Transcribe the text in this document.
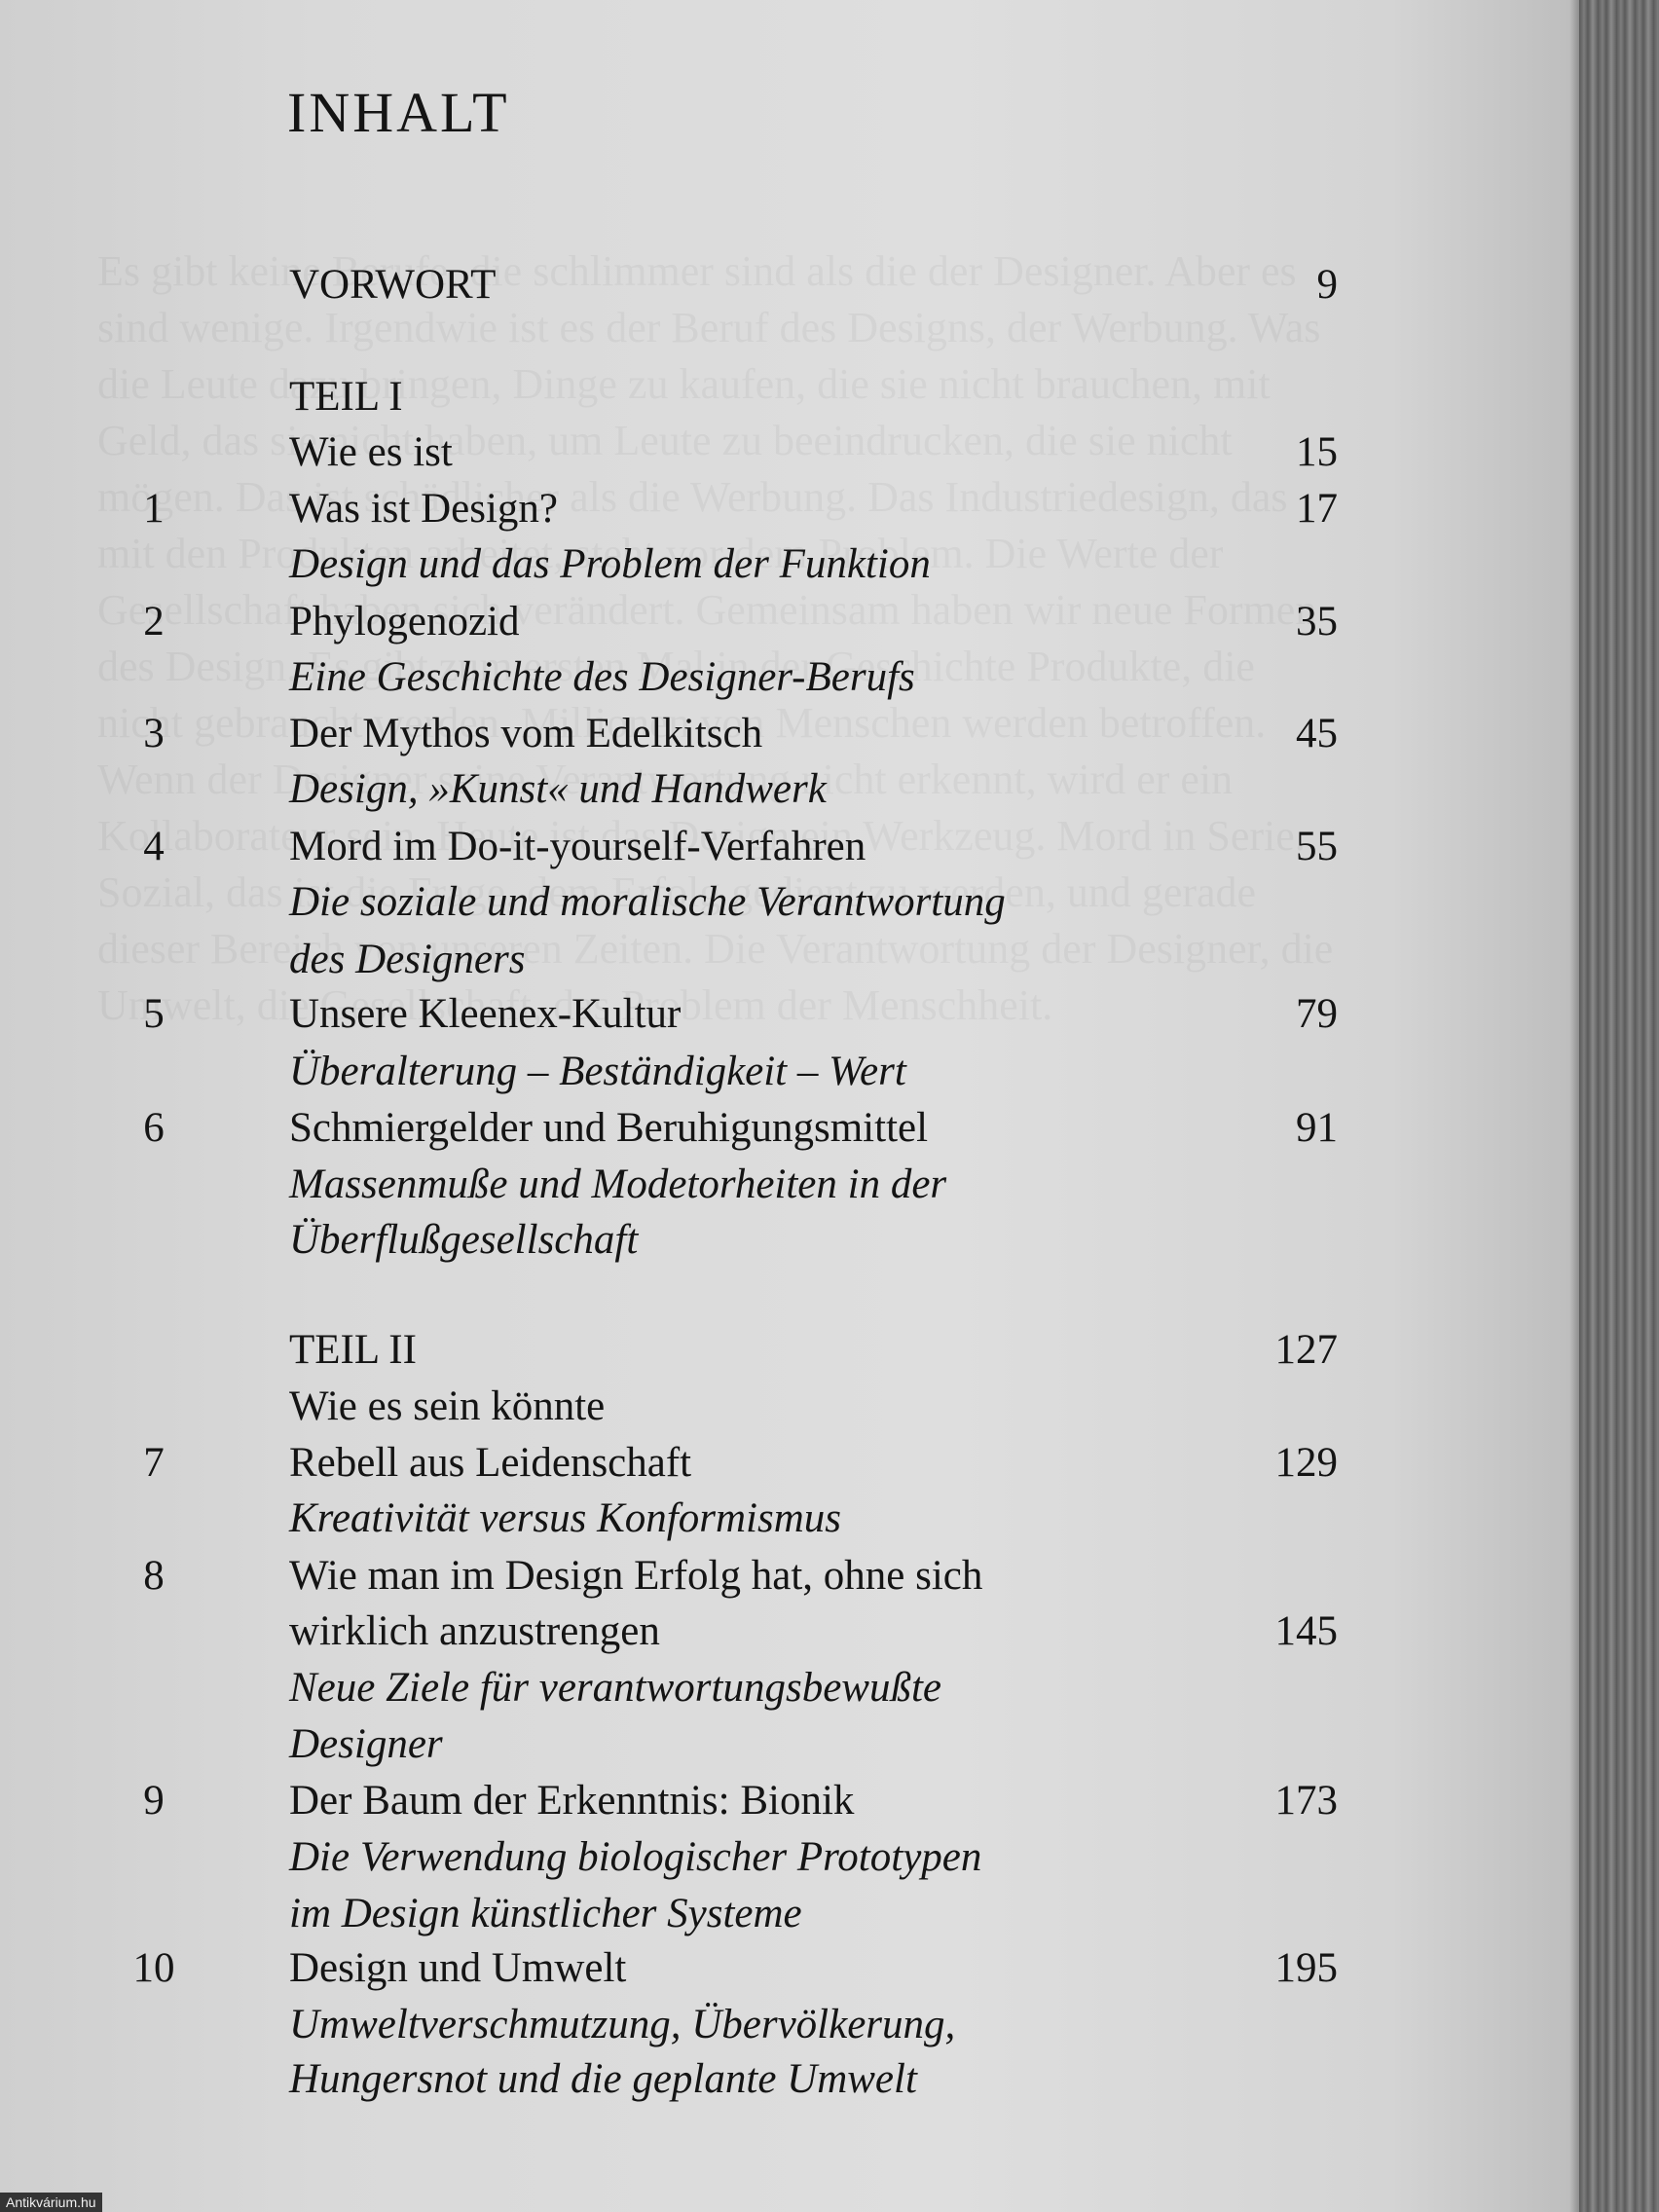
INHALT
VORWORT	9
TEIL I
Wie es ist	15
1	Was ist Design?	17
Design und das Problem der Funktion
2	Phylogenozid	35
Eine Geschichte des Designer-Berufs
3	Der Mythos vom Edelkitsch	45
Design, »Kunst« und Handwerk
4	Mord im Do-it-yourself-Verfahren	55
Die soziale und moralische Verantwortung
des Designers
5	Unsere Kleenex-Kultur	79
Überalterung – Beständigkeit – Wert
6	Schmiergelder und Beruhigungsmittel	91
Massenmuße und Modetorheiten in der
Überflußgesellschaft
TEIL II	127
Wie es sein könnte
7	Rebell aus Leidenschaft	129
Kreativität versus Konformismus
8	Wie man im Design Erfolg hat, ohne sich
wirklich anzustrengen	145
Neue Ziele für verantwortungsbewußte
Designer
9	Der Baum der Erkenntnis: Bionik	173
Die Verwendung biologischer Prototypen
im Design künstlicher Systeme
10	Design und Umwelt	195
Umweltverschmutzung, Übervölkerung,
Hungersnot und die geplante Umwelt
Antikvárium.hu
